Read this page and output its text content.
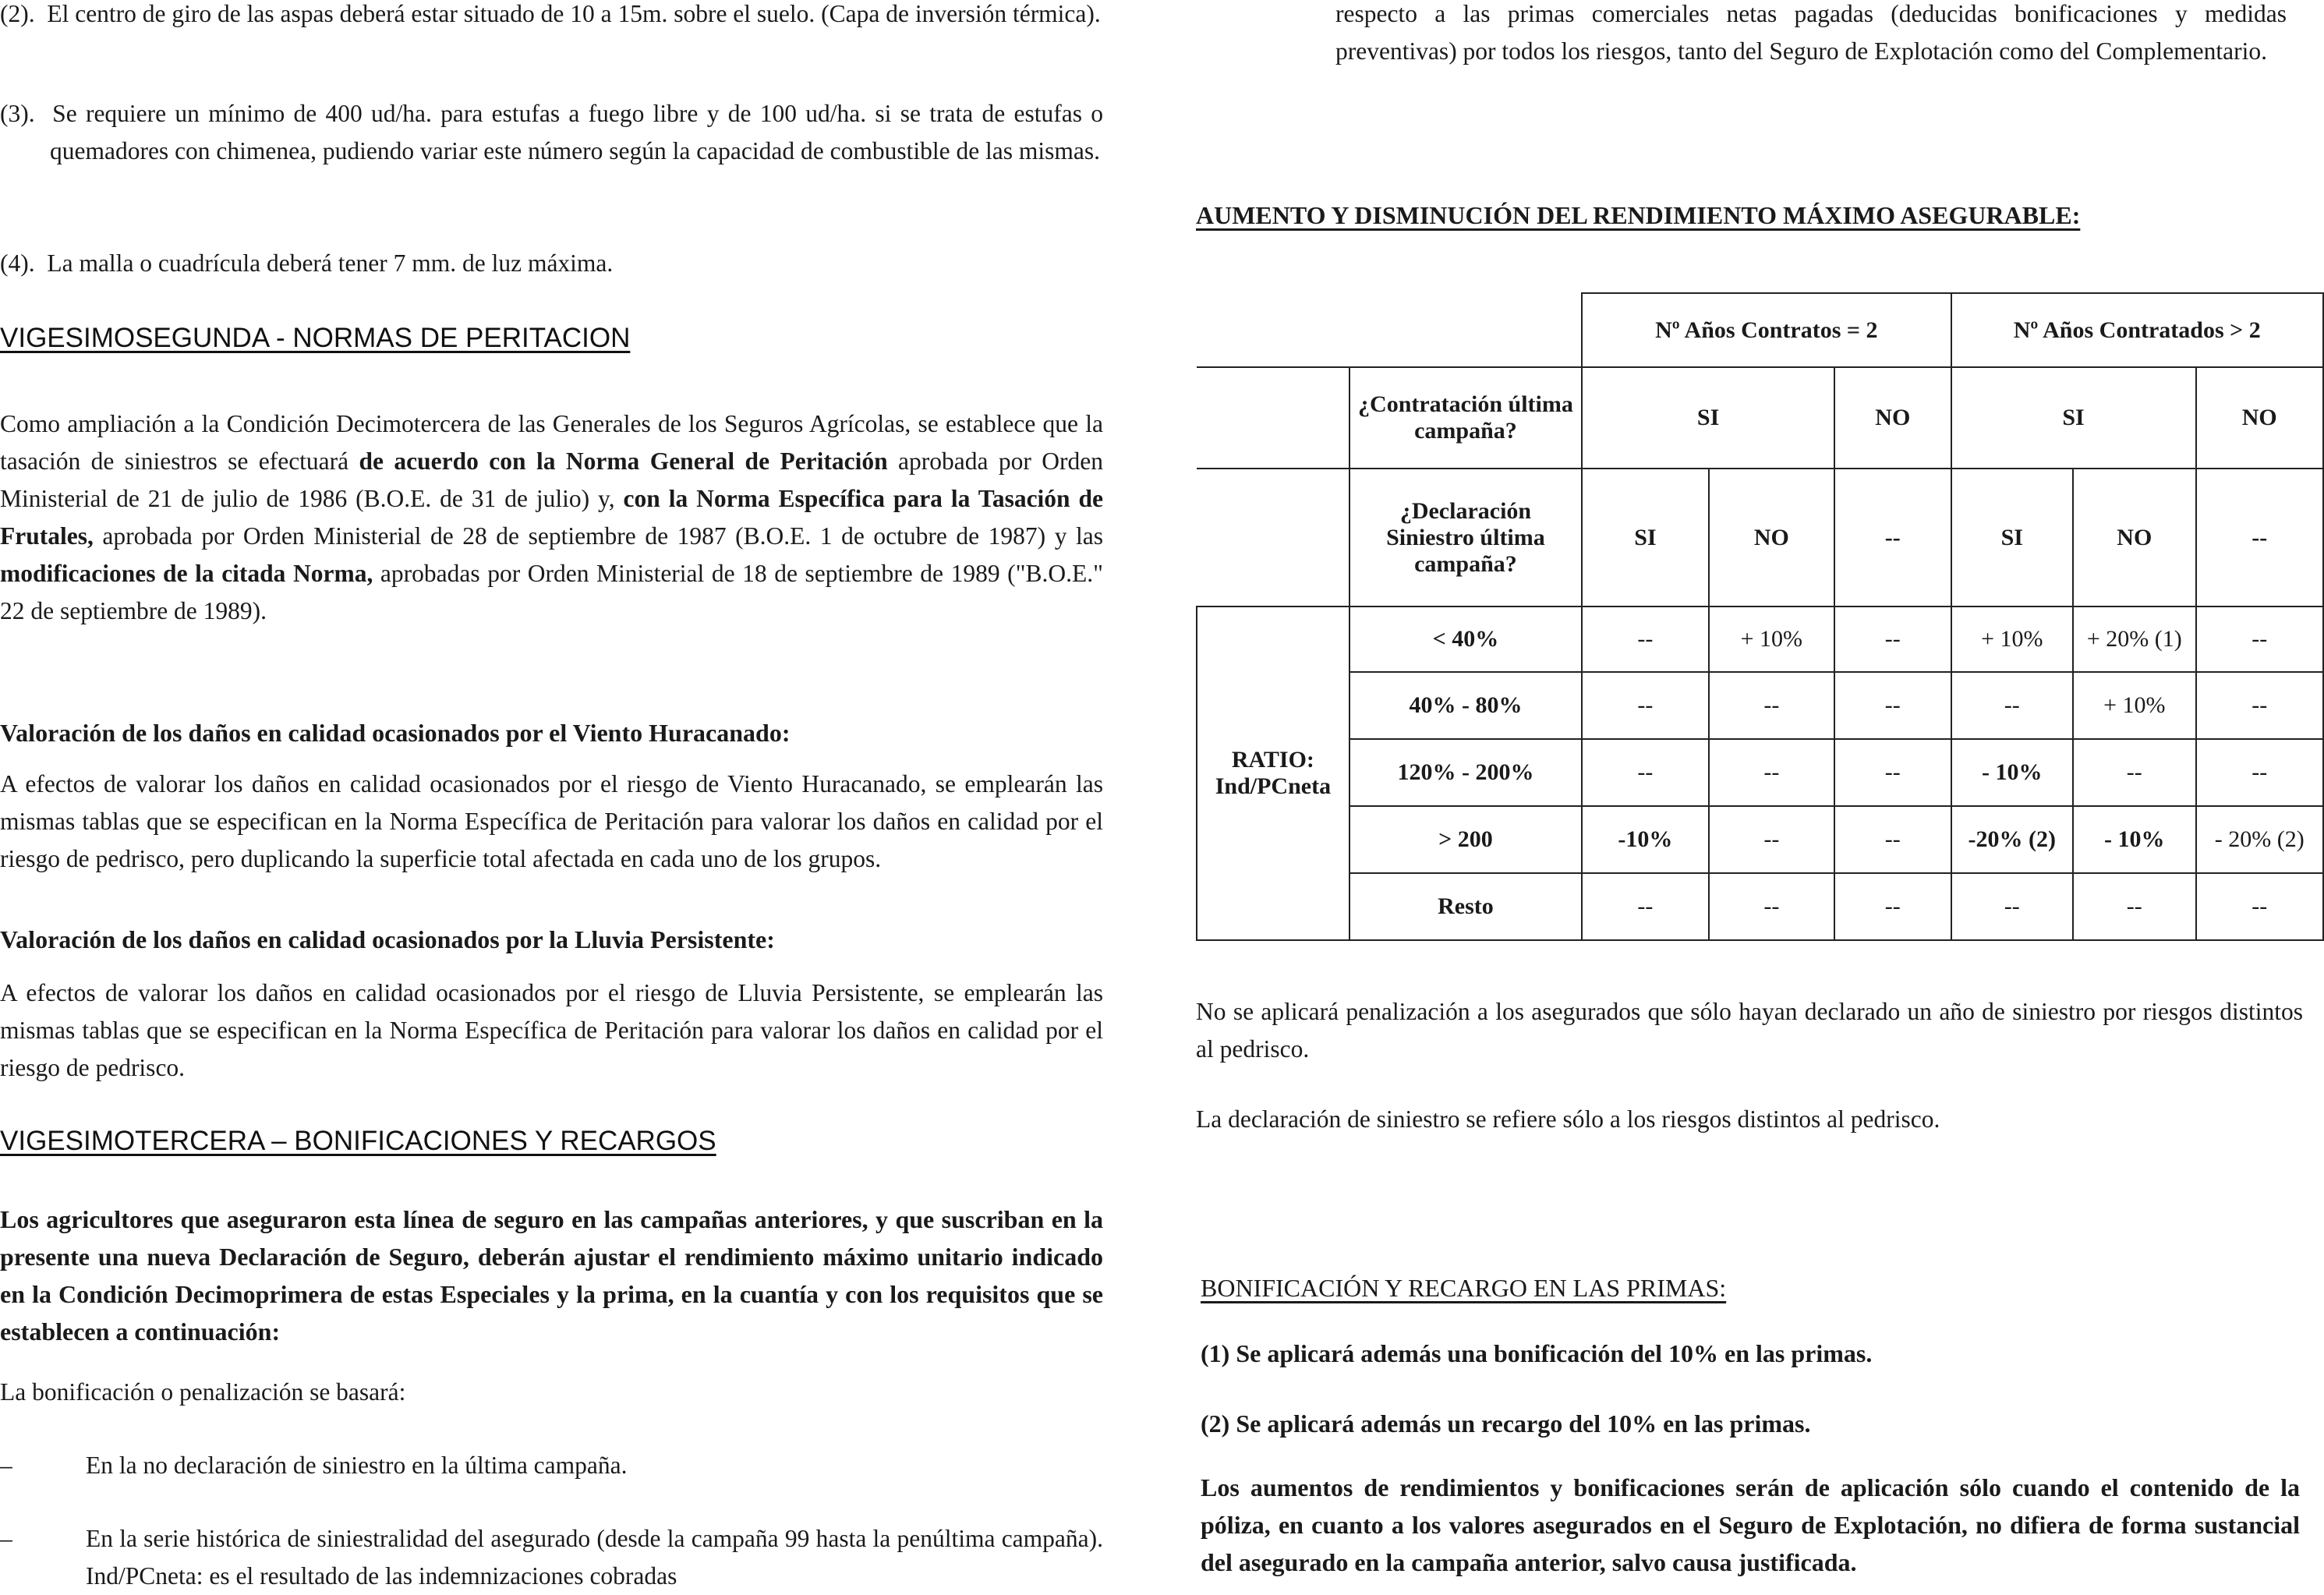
(2).  El centro de giro de las aspas deberá estar situado de 10 a 15m. sobre el suelo. (Capa de inversión térmica).
(3).  Se requiere un mínimo de 400 ud/ha. para estufas a fuego libre y de 100 ud/ha. si se trata de estufas o quemadores con chimenea, pudiendo variar este número según la capacidad de combustible de las mismas.
(4).  La malla o cuadrícula deberá tener 7 mm. de luz máxima.
VIGESIMOSEGUNDA - NORMAS DE PERITACION
Como ampliación a la Condición Decimotercera de las Generales de los Seguros Agrícolas, se establece que la tasación de siniestros se efectuará de acuerdo con la Norma General de Peritación aprobada por Orden Ministerial de 21 de julio de 1986 (B.O.E. de 31 de julio) y, con la Norma Específica para la Tasación de Frutales, aprobada por Orden Ministerial de 28 de septiembre de 1987 (B.O.E. 1 de octubre de 1987) y las modificaciones de la citada Norma, aprobadas por Orden Ministerial de 18 de septiembre de 1989 ("B.O.E." 22 de septiembre de 1989).
Valoración de los daños en calidad ocasionados por el Viento Huracanado:
A efectos de valorar los daños en calidad ocasionados por el riesgo de Viento Huracanado, se emplearán las mismas tablas que se especifican en la Norma Específica de Peritación para valorar los daños en calidad por el riesgo de pedrisco, pero duplicando la superficie total afectada en cada uno de los grupos.
Valoración de los daños en calidad ocasionados por la Lluvia Persistente:
A efectos de valorar los daños en calidad ocasionados por el riesgo de Lluvia Persistente, se emplearán las mismas tablas que se especifican en la Norma Específica de Peritación para valorar los daños en calidad por el riesgo de pedrisco.
VIGESIMOTERCERA – BONIFICACIONES Y RECARGOS
Los agricultores que aseguraron esta línea de seguro en las campañas anteriores, y que suscriban en la presente una nueva Declaración de Seguro, deberán ajustar el rendimiento máximo unitario indicado en la Condición Decimoprimera de estas Especiales y la prima, en la cuantía y con los requisitos que se establecen a continuación:
La bonificación o penalización se basará:
–	En la no declaración de siniestro en la última campaña.
–	En la serie histórica de siniestralidad del asegurado (desde la campaña 99 hasta la penúltima campaña). Ind/PCneta: es el resultado de las indemnizaciones cobradas
respecto a las primas comerciales netas pagadas (deducidas bonificaciones y medidas preventivas) por todos los riesgos, tanto del Seguro de Explotación como del Complementario.
AUMENTO Y DISMINUCIÓN DEL RENDIMIENTO MÁXIMO ASEGURABLE:
		Nº Años Contratos = 2			Nº Años Contratados > 2		
	¿Contratación última campaña?	SI		NO	SI		NO
	¿Declaración Siniestro última campaña?	SI	NO	--	SI	NO	--
RATIO: Ind/PCneta	< 40%	--	+ 10%	--	+ 10%	+ 20% (1)	--
	40% - 80%	--	--	--	--	+ 10%	--
	120% - 200%	--	--	--	- 10%	--	--
	> 200	-10%	--	--	-20% (2)	- 10%	- 20% (2)
	Resto	--	--	--	--	--	--
No se aplicará penalización a los asegurados que sólo hayan declarado un año de siniestro por riesgos distintos al pedrisco.
La declaración de siniestro se refiere sólo a los riesgos distintos al pedrisco.
BONIFICACIÓN Y RECARGO EN LAS PRIMAS:
(1) Se aplicará además una bonificación del 10% en las primas.
(2) Se aplicará además un recargo del 10% en las primas.
Los aumentos de rendimientos y bonificaciones serán de aplicación sólo cuando el contenido de la póliza, en cuanto a los valores asegurados en el Seguro de Explotación, no difiera de forma sustancial del asegurado en la campaña anterior, salvo causa justificada.
